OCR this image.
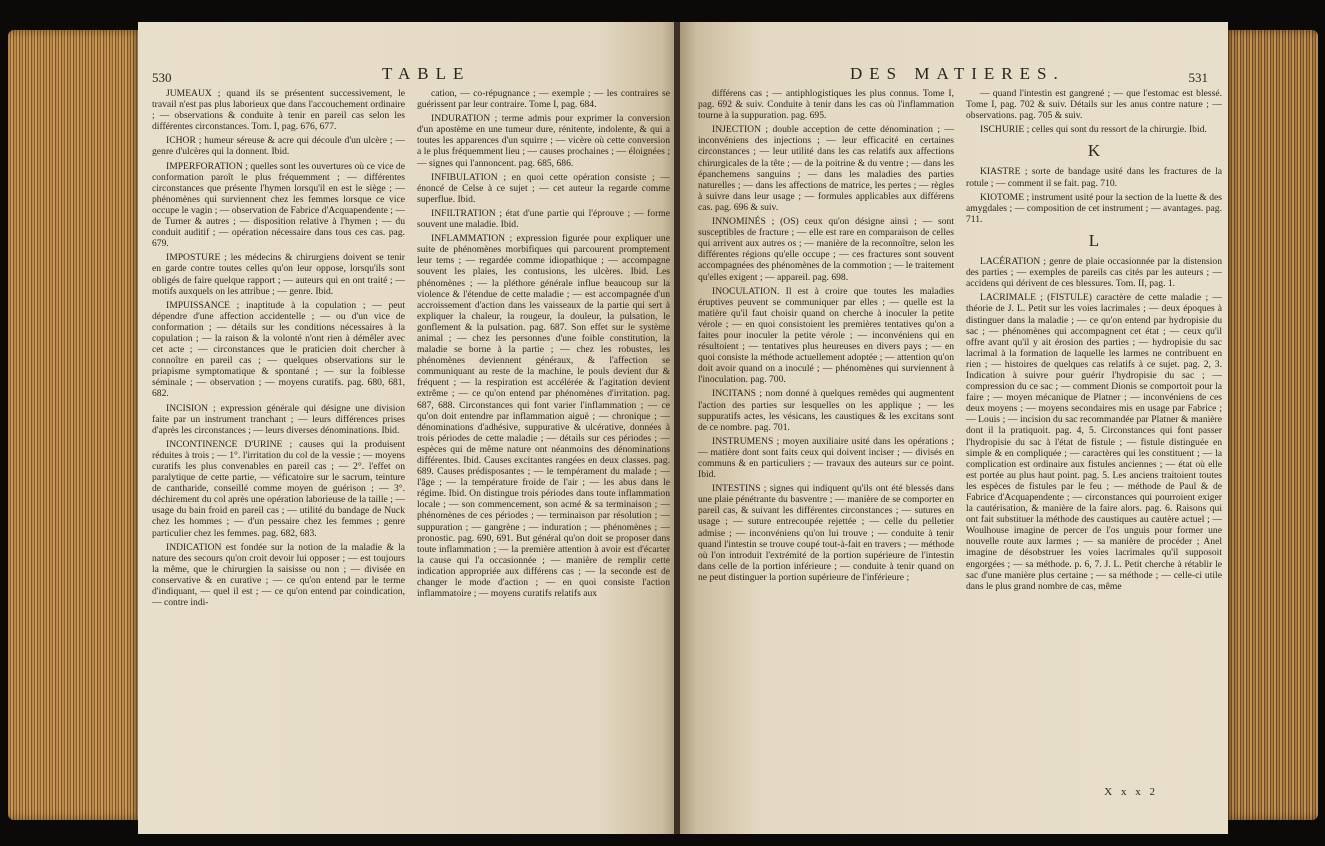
530	TABLE

JUMEAUX ; quand ils se présentent successivement, le travail n'est pas plus laborieux que dans l'accouchement ordinaire ; — observations & conduite à tenir en pareil cas selon les différentes circonstances. Tom. I, pag. 676, 677.

ICHOR ; humeur séreuse & acre qui découle d'un ulcère ; — genre d'ulcères qui la donnent. Ibid.

IMPERFORATION ; quelles sont les ouvertures où ce vice de conformation paroît le plus fréquemment ; — différentes circonstances que présente l'hymen lorsqu'il en est le siège ; — phénomènes qui surviennent chez les femmes lorsque ce vice occupe le vagin ; — observation de Fabrice d'Acquapendente ; — de Turner & autres ; — disposition relative à l'hymen ; — du conduit auditif ; — opération nécessaire dans tous ces cas. pag. 679.

IMPOSTURE ; les médecins & chirurgiens doivent se tenir en garde contre toutes celles qu'on leur oppose, lorsqu'ils sont obligés de faire quelque rapport ; — auteurs qui en ont traité ; — motifs auxquels on les attribue ; — genre. Ibid.

IMPUISSANCE ; inaptitude à la copulation ; — peut dépendre d'une affection accidentelle ; — ou d'un vice de conformation ; — détails sur les conditions nécessaires à la copulation ; — la raison & la volonté n'ont rien à démêler avec cet acte ; — circonstances que le praticien doit chercher à connoître en pareil cas ; — quelques observations sur le priapisme symptomatique & spontané ; — sur la foiblesse séminale ; — observation ; — moyens curatifs. pag. 680, 681, 682.

INCISION ; expression générale qui désigne une division faite par un instrument tranchant ; — leurs différences prises d'après les circonstances ; — leurs diverses dénominations. Ibid.

INCONTINENCE D'URINE ; causes qui la produisent réduites à trois ; — 1°. l'irritation du col de la vessie ; — moyens curatifs les plus convenables en pareil cas ; — 2°. l'effet on paralytique de cette partie, — véficatoire sur le sacrum, teinture de cantharide, conseillé comme moyen de guérison ; — 3°. déchirement du col après une opération laborieuse de la taille ; — usage du bain froid en pareil cas ; — utilité du bandage de Nuck chez les hommes ; — d'un pessaire chez les femmes ; genre particulier chez les femmes. pag. 682, 683.

INDICATION est fondée sur la notion de la maladie & la nature des secours qu'on croit devoir lui opposer ; — est toujours la même, que le chirurgien la saisisse ou non ; — divisée en conservative & en curative ; — ce qu'on entend par le terme d'indiquant, — quel il est ; — ce qu'on entend par coindication, — contre indi-

cation, — co-répugnance ; — exemple ; — les contraires se guérissent par leur contraire. Tome I, pag. 684.

INDURATION ; terme admis pour exprimer la conversion d'un apostème en une tumeur dure, rénitente, indolente, & qui a toutes les apparences d'un squirre ; — vicère où cette conversion a le plus fréquemment lieu ; — causes prochaines ; — éloignées ; — signes qui l'annoncent. pag. 685, 686.

INFIBULATION ; en quoi cette opération consiste ; — énoncé de Celse à ce sujet ; — cet auteur la regarde comme superflue. Ibid.

INFILTRATION ; état d'une partie qui l'éprouve ; — forme souvent une maladie. Ibid.

INFLAMMATION ; expression figurée pour expliquer une suite de phénomènes morbifiques qui parcourent promptement leur tems ; — regardée comme idiopathique ; — accompagne souvent les plaies, les contusions, les ulcères. Ibid. Les phénomènes ; — la pléthore générale influe beaucoup sur la violence & l'étendue de cette maladie ; — est accompagnée d'un accroissement d'action dans les vaisseaux de la partie qui sert à expliquer la chaleur, la rougeur, la douleur, la pulsation, le gonflement & la pulsation. pag. 687. Son effet sur le système animal ; — chez les personnes d'une foible constitution, la maladie se borne à la partie ; — chez les robustes, les phénomènes deviennent généraux, & l'affection se communiquant au reste de la machine, le pouls devient dur & fréquent ; — la respiration est accélérée & l'agitation devient extrême ; — ce qu'on entend par phénomènes d'irritation. pag. 687, 688. Circonstances qui font varier l'inflammation ; — ce qu'on doit entendre par inflammation aiguë ; — chronique ; — dénominations d'adhésive, suppurative & ulcérative, données à trois périodes de cette maladie ; — détails sur ces périodes ; — espèces qui de même nature ont néanmoins des dénominations différentes. Ibid. Causes excitantes rangées en deux classes. pag. 689. Causes prédisposantes ; — le tempérament du malade ; — l'âge ; — la température froide de l'air ; — les abus dans le régime. Ibid. On distingue trois périodes dans toute inflammation locale ; — son commencement, son acmé & sa terminaison ; — phénomènes de ces périodes ; — terminaison par résolution ; — suppuration ; — gangrène ; — induration ; — phénomènes ; — pronostic. pag. 690, 691. But général qu'on doit se proposer dans toute inflammation ; — la première attention à avoir est d'écarter la cause qui l'a occasionnée ; — manière de remplir cette indication appropriée aux différens cas ; — la seconde est de changer le mode d'action ; — en quoi consiste l'action inflammatoire ; — moyens curatifs relatifs aux

DES MATIERES.	531

différens cas ; — antiphlogistiques les plus connus. Tome I, pag. 692 & suiv. Conduite à tenir dans les cas où l'inflammation tourne à la suppuration. pag. 695.

INJECTION ; double acception de cette dénomination ; — inconvéniens des injections ; — leur efficacité en certaines circonstances ; — leur utilité dans les cas relatifs aux affections chirurgicales de la tête ; — de la poitrine & du ventre ; — dans les épanchemens sanguins ; — dans les maladies des parties naturelles ; — dans les affections de matrice, les pertes ; — règles à suivre dans leur usage ; — formules applicables aux différens cas. pag. 696 & suiv.

INNOMINÉS ; (OS) ceux qu'on désigne ainsi ; — sont susceptibles de fracture ; — elle est rare en comparaison de celles qui arrivent aux autres os ; — manière de la reconnoître, selon les différentes régions qu'elle occupe ; — ces fractures sont souvent accompagnées des phénomènes de la commotion ; — le traitement qu'elles exigent ; — appareil. pag. 698.

INOCULATION. Il est à croire que toutes les maladies éruptives peuvent se communiquer par elles ; — quelle est la matière qu'il faut choisir quand on cherche à inoculer la petite vérole ; — en quoi consistoient les premières tentatives qu'on a faites pour inoculer la petite vérole ; — inconvéniens qui en résultoient ; — tentatives plus heureuses en divers pays ; — en quoi consiste la méthode actuellement adoptée ; — attention qu'on doit avoir quand on a inoculé ; — phénomènes qui surviennent à l'inoculation. pag. 700.

INCITANS ; nom donné à quelques remèdes qui augmentent l'action des parties sur lesquelles on les applique ; — les suppuratifs actes, les vésicans, les caustiques & les excitans sont de ce nombre. pag. 701.

INSTRUMENS ; moyen auxiliaire usité dans les opérations ; — matière dont sont faits ceux qui doivent inciser ; — divisés en communs & en particuliers ; — travaux des auteurs sur ce point. Ibid.

INTESTINS ; signes qui indiquent qu'ils ont été blessés dans une plaie pénétrante du basventre ; — manière de se comporter en pareil cas, & suivant les différentes circonstances ; — sutures en usage ; — suture entrecoupée rejettée ; — celle du pelletier admise ; — inconvéniens qu'on lui trouve ; — conduite à tenir quand l'intestin se trouve coupé tout-à-fait en travers ; — méthode où l'on introduit l'extrémité de la portion supérieure de l'intestin dans celle de la portion inférieure ; — conduite à tenir quand on ne peut distinguer la portion supérieure de l'inférieure ;

— quand l'intestin est gangrené ; — que l'estomac est blessé. Tome I, pag. 702 & suiv. Détails sur les anus contre nature ; — observations. pag. 705 & suiv.

ISCHURIE ; celles qui sont du ressort de la chirurgie. Ibid.

K

KIASTRE ; sorte de bandage usité dans les fractures de la rotule ; — comment il se fait. pag. 710.

KIOTOME ; instrument usité pour la section de la luette & des amygdales ; — composition de cet instrument ; — avantages. pag. 711.

L

LACÉRATION ; genre de plaie occasionnée par la distension des parties ; — exemples de pareils cas cités par les auteurs ; — accidens qui dérivent de ces blessures. Tom. II, pag. 1.

LACRIMALE ; (FISTULE) caractère de cette maladie ; — théorie de J. L. Petit sur les voies lacrimales ; — deux époques à distinguer dans la maladie ; — ce qu'on entend par hydropisie du sac ; — phénomènes qui accompagnent cet état ; — ceux qu'il offre avant qu'il y ait érosion des parties ; — hydropisie du sac lacrimal à la formation de laquelle les larmes ne contribuent en rien ; — histoires de quelques cas relatifs à ce sujet. pag. 2, 3. Indication à suivre pour guérir l'hydropisie du sac ; — compression du ce sac ; — comment Dionis se comportoit pour la faire ; — moyen mécanique de Platner ; — inconvéniens de ces deux moyens ; — moyens secondaires mis en usage par Fabrice ; — Louis ; — incision du sac recommandée par Platner & manière dont il la pratiquoit. pag. 4, 5. Circonstances qui font passer l'hydropisie du sac à l'état de fistule ; — fistule distinguée en simple & en compliquée ; — caractères qui les constituent ; — la complication est ordinaire aux fistules anciennes ; — état où elle est portée au plus haut point. pag. 5. Les anciens traitoient toutes les espèces de fistules par le feu ; — méthode de Paul & de Fabrice d'Acquapendente ; — circonstances qui pourroient exiger la cautérisation, & manière de la faire alors. pag. 6. Raisons qui ont fait substituer la méthode des caustiques au cautère actuel ; — Woulhouse imagine de percer de l'os unguis pour former une nouvelle route aux larmes ; — sa manière de procéder ; Anel imagine de désobstruer les voies lacrimales qu'il supposoit engorgées ; — sa méthode. p. 6, 7. J. L. Petit cherche à rétablir le sac d'une manière plus certaine ; — sa méthode ; — celle-ci utile dans le plus grand nombre de cas, même

X x x 2
